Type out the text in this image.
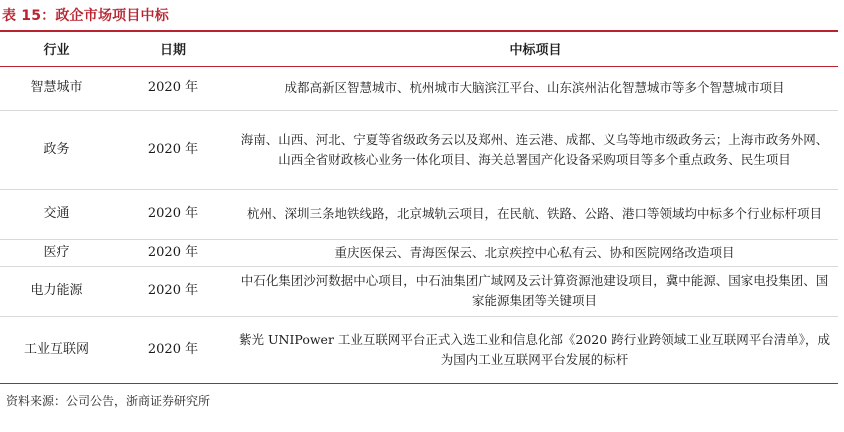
表 15：政企市场项目中标
行业	日期	中标项目
智慧城市	2020 年	成都高新区智慧城市、杭州城市大脑滨江平台、山东滨州沾化智慧城市等多个智慧城市项目
政务	2020 年	海南、山西、河北、宁夏等省级政务云以及郑州、连云港、成都、义乌等地市级政务云；上海市政务外网、山西全省财政核心业务一体化项目、海关总署国产化设备采购项目等多个重点政务、民生项目
交通	2020 年	杭州、深圳三条地铁线路，北京城轨云项目，在民航、铁路、公路、港口等领域均中标多个行业标杆项目
医疗	2020 年	重庆医保云、青海医保云、北京疾控中心私有云、协和医院网络改造项目
电力能源	2020 年	中石化集团沙河数据中心项目，中石油集团广域网及云计算资源池建设项目，冀中能源、国家电投集团、国家能源集团等关键项目
工业互联网	2020 年	紫光 UNIPower 工业互联网平台正式入选工业和信息化部《2020 跨行业跨领域工业互联网平台清单》，成为国内工业互联网平台发展的标杆
资料来源：公司公告，浙商证券研究所
